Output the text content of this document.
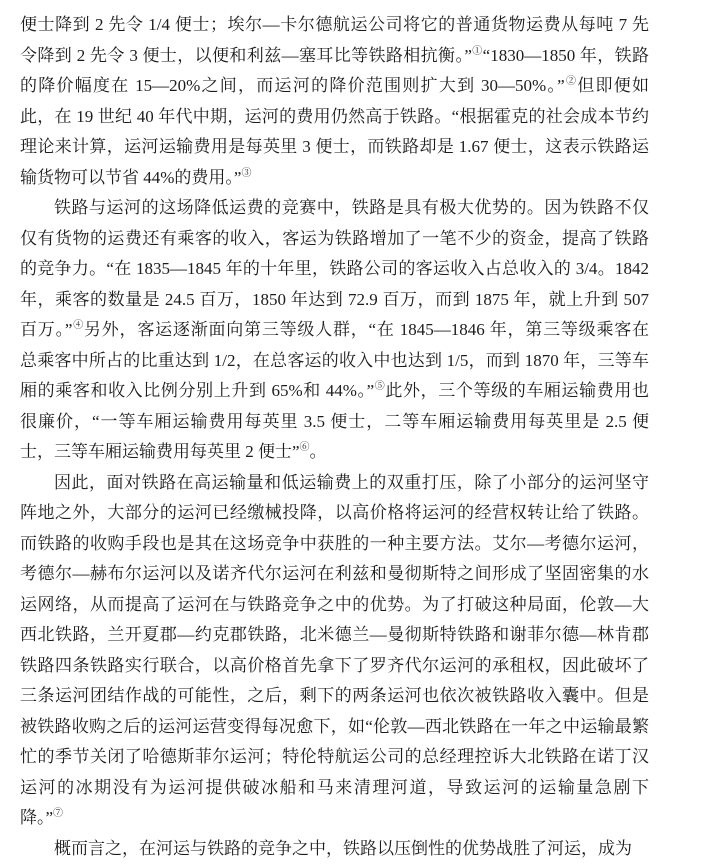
便士降到 2 先令 1/4 便士；埃尔—卡尔德航运公司将它的普通货物运费从每吨 7 先
令降到 2 先令 3 便士，以便和利兹—塞耳比等铁路相抗衡。”①“1830—1850 年，铁路
的降价幅度在 15—20%之间，而运河的降价范围则扩大到 30—50%。”②但即便如
此，在 19 世纪 40 年代中期，运河的费用仍然高于铁路。“根据霍克的社会成本节约
理论来计算，运河运输费用是每英里 3 便士，而铁路却是 1.67 便士，这表示铁路运
输货物可以节省 44%的费用。”③
铁路与运河的这场降低运费的竞赛中，铁路是具有极大优势的。因为铁路不仅
仅有货物的运费还有乘客的收入，客运为铁路增加了一笔不少的资金，提高了铁路
的竞争力。“在 1835—1845 年的十年里，铁路公司的客运收入占总收入的 3/4。1842
年，乘客的数量是 24.5 百万，1850 年达到 72.9 百万，而到 1875 年，就上升到 507
百万。”④另外，客运逐渐面向第三等级人群，“在 1845—1846 年，第三等级乘客在
总乘客中所占的比重达到 1/2，在总客运的收入中也达到 1/5，而到 1870 年，三等车
厢的乘客和收入比例分别上升到 65%和 44%。”⑤此外，三个等级的车厢运输费用也
很廉价，“一等车厢运输费用每英里 3.5 便士，二等车厢运输费用每英里是 2.5 便
士，三等车厢运输费用每英里 2 便士”⑥。
因此，面对铁路在高运输量和低运输费上的双重打压，除了小部分的运河坚守
阵地之外，大部分的运河已经缴械投降，以高价格将运河的经营权转让给了铁路。
而铁路的收购手段也是其在这场竞争中获胜的一种主要方法。艾尔—考德尔运河，
考德尔—赫布尔运河以及诺齐代尔运河在利兹和曼彻斯特之间形成了坚固密集的水
运网络，从而提高了运河在与铁路竞争之中的优势。为了打破这种局面，伦敦—大
西北铁路，兰开夏郡—约克郡铁路，北米德兰—曼彻斯特铁路和谢菲尔德—林肯郡
铁路四条铁路实行联合，以高价格首先拿下了罗齐代尔运河的承租权，因此破坏了
三条运河团结作战的可能性，之后，剩下的两条运河也依次被铁路收入囊中。但是
被铁路收购之后的运河运营变得每况愈下，如“伦敦—西北铁路在一年之中运输最繁
忙的季节关闭了哈德斯菲尔运河；特伦特航运公司的总经理控诉大北铁路在诺丁汉
运河的冰期没有为运河提供破冰船和马来清理河道，导致运河的运输量急剧下
降。”⑦
概而言之，在河运与铁路的竞争之中，铁路以压倒性的优势战胜了河运，成为
